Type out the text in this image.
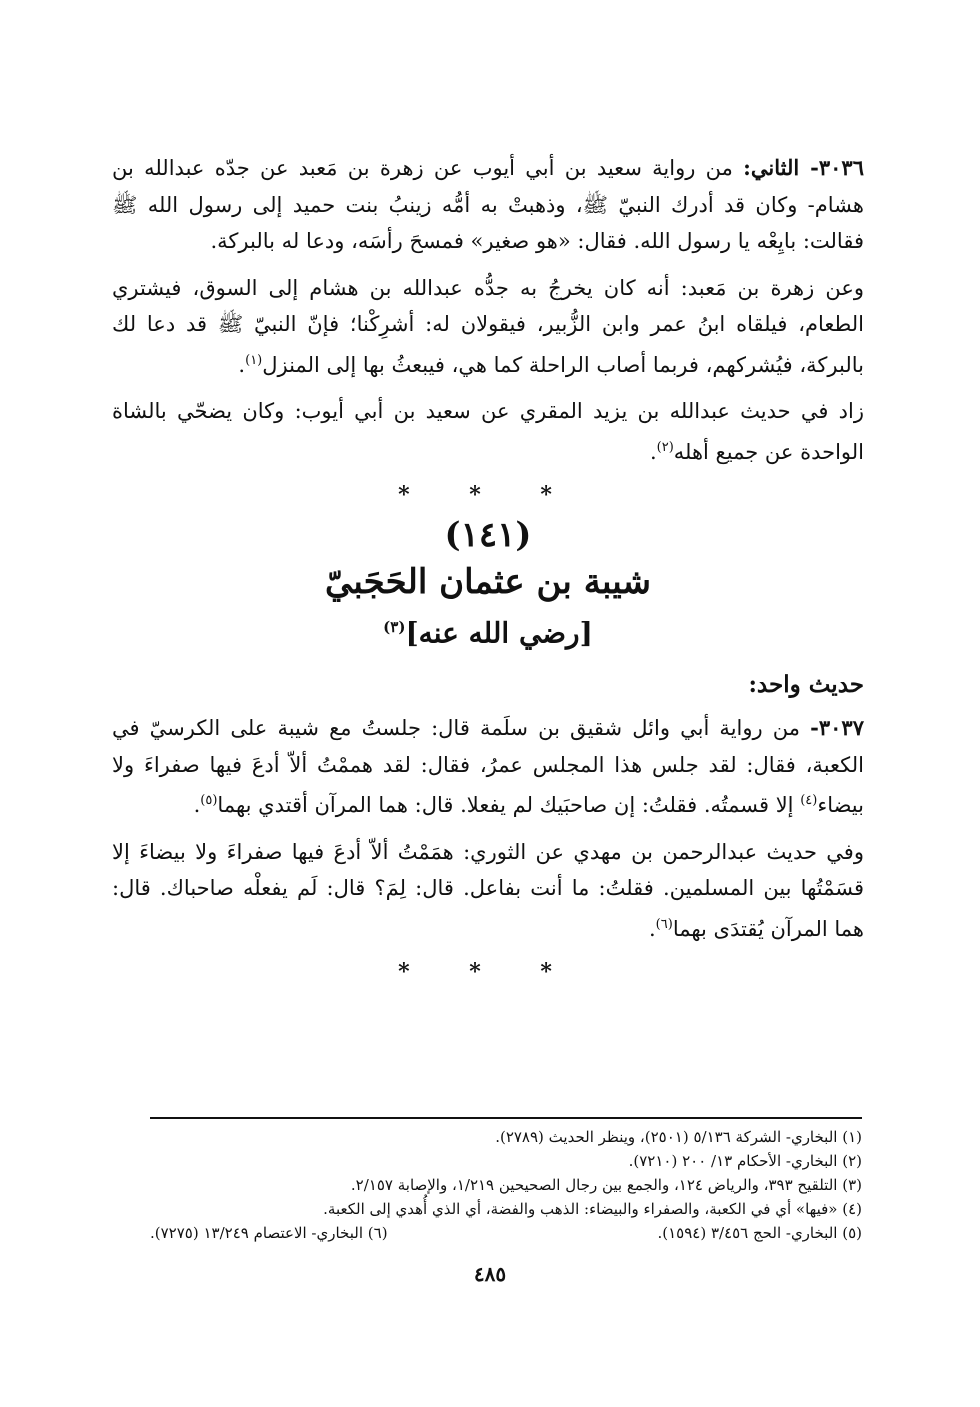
٣٠٣٦- الثاني: من رواية سعيد بن أبي أيوب عن زهرة بن مَعبد عن جدّه عبدالله بن هشام- وكان قد أدرك النبيّ ﷺ، وذهبتْ به أمُّه زينبُ بنت حميد إلى رسول الله ﷺ فقالت: بايِعْه يا رسول الله. فقال: «هو صغير» فمسحَ رأسَه، ودعا له بالبركة.

وعن زهرة بن مَعبد: أنه كان يخرجُ به جدُّه عبدالله بن هشام إلى السوق، فيشتري الطعام، فيلقاه ابنُ عمر وابن الزُّبير، فيقولان له: أشرِكْنا؛ فإنّ النبيّ ﷺ قد دعا لك بالبركة، فيُشركهم، فربما أصاب الراحلة كما هي، فيبعثُ بها إلى المنزل$^{(١)}$.

زاد في حديث عبدالله بن يزيد المقري عن سعيد بن أبي أيوب: وكان يضحّي بالشاة الواحدة عن جميع أهله$^{(٢)}$.

* * *

(١٤١)

شيبة بن عثمان الحَجَبيّ

[رضي الله عنه]$^{(٣)}$

حديث واحد:

٣٠٣٧- من رواية أبي وائل شقيق بن سلَمة قال: جلستُ مع شيبة على الكرسيّ في الكعبة، فقال: لقد جلس هذا المجلس عمرُ، فقال: لقد هممْتُ ألاّ أدعَ فيها صفراءَ ولا بيضاء$^{(٤)}$ إلا قسمتُه. فقلتُ: إن صاحبَيك لم يفعلا. قال: هما المرآن أقتدي بهما$^{(٥)}$.

وفي حديث عبدالرحمن بن مهدي عن الثوري: همَمْتُ ألاّ أدعَ فيها صفراءَ ولا بيضاءَ إلا قسَمْتُها بين المسلمين. فقلتُ: ما أنت بفاعل. قال: لِمَ؟ قال: لَم يفعلْه صاحباك. قال: هما المرآن يُقتدَى بهما$^{(٦)}$.

* * *

(١) البخاري- الشركة ٥/١٣٦ (٢٥٠١)، وينظر الحديث (٢٧٨٩).

(٢) البخاري- الأحكام ١٣/ ٢٠٠ (٧٢١٠).

(٣) التلقيح ٣٩٣، والرياض ١٢٤، والجمع بين رجال الصحيحين ١/٢١٩، والإصابة ٢/١٥٧.

(٤) «فيها» أي في الكعبة، والصفراء والبيضاء: الذهب والفضة، أي الذي أُهدي إلى الكعبة.

(٥) البخاري- الحج ٣/٤٥٦ (١٥٩٤).
(٦) البخاري- الاعتصام ١٣/٢٤٩ (٧٢٧٥).
٤٨٥
